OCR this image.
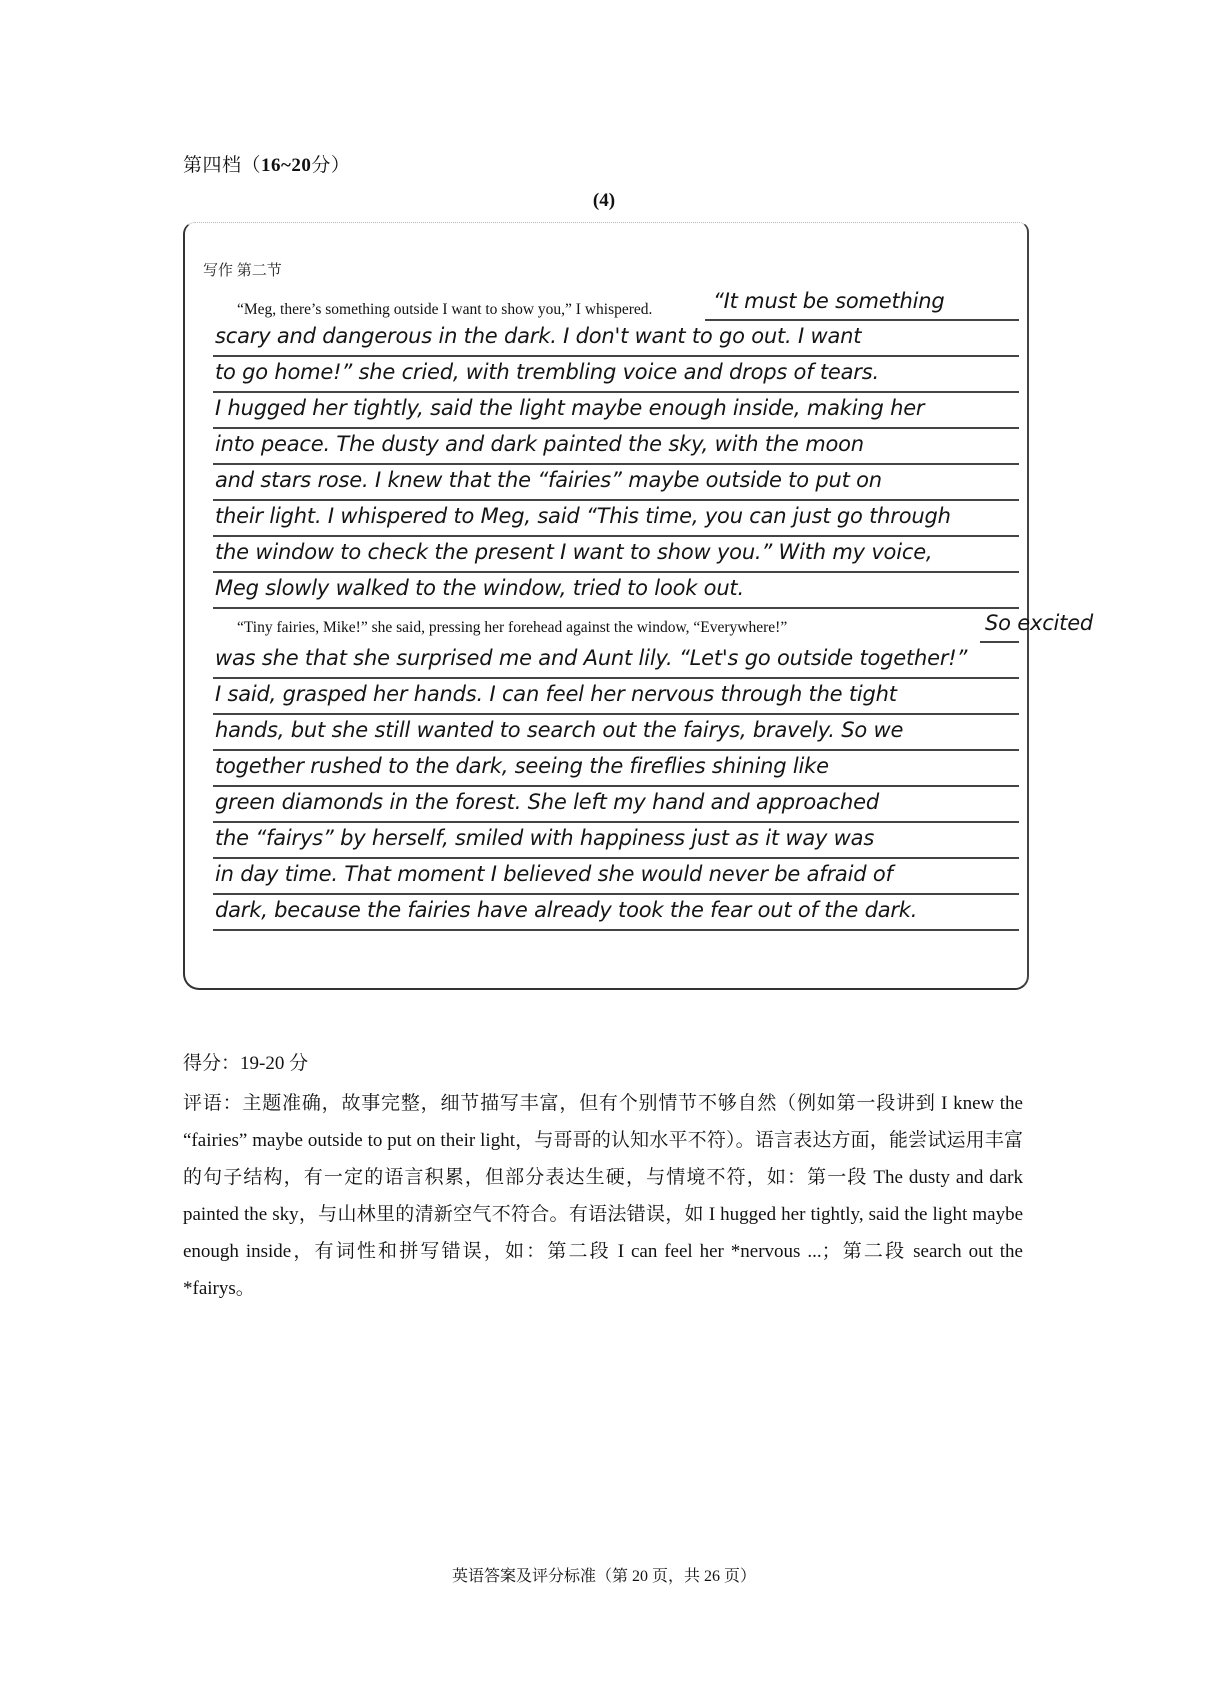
第四档（16~20分）
(4)
写作 第二节
“Meg, there’s something outside I want to show you,” I whispered.	“It must be something
scary and dangerous in the dark. I don't want to go out. I want
to go home!” she cried, with trembling voice and drops of tears.
I hugged her tightly, said the light maybe enough inside, making her
into peace. The dusty and dark painted the sky, with the moon
and stars rose. I knew that the “fairies” maybe outside to put on
their light. I whispered to Meg, said “This time, you can just go through
the window to check the present I want to show you.” With my voice,
Meg slowly walked to the window, tried to look out.
“Tiny fairies, Mike!” she said, pressing her forehead against the window, “Everywhere!”	So excited
was she that she surprised me and Aunt lily. “Let's go outside together!”
I said, grasped her hands. I can feel her nervous through the tight
hands, but she still wanted to search out the fairys, bravely. So we
together rushed to the dark, seeing the fireflies shining like
green diamonds in the forest. She left my hand and approached
the “fairys” by herself, smiled with happiness just as it way was
in day time. That moment I believed she would never be afraid of
dark, because the fairies have already took the fear out of the dark.
得分：19-20 分
评语：主题准确，故事完整，细节描写丰富，但有个别情节不够自然（例如第一段讲到 I knew the “fairies” maybe outside to put on their light，与哥哥的认知水平不符）。语言表达方面，能尝试运用丰富的句子结构，有一定的语言积累，但部分表达生硬，与情境不符，如：第一段 The dusty and dark painted the sky，与山林里的清新空气不符合。有语法错误，如 I hugged her tightly, said the light maybe enough inside，有词性和拼写错误，如：第二段 I can feel her *nervous ...；第二段 search out the *fairys。
英语答案及评分标准（第 20 页，共 26 页）
